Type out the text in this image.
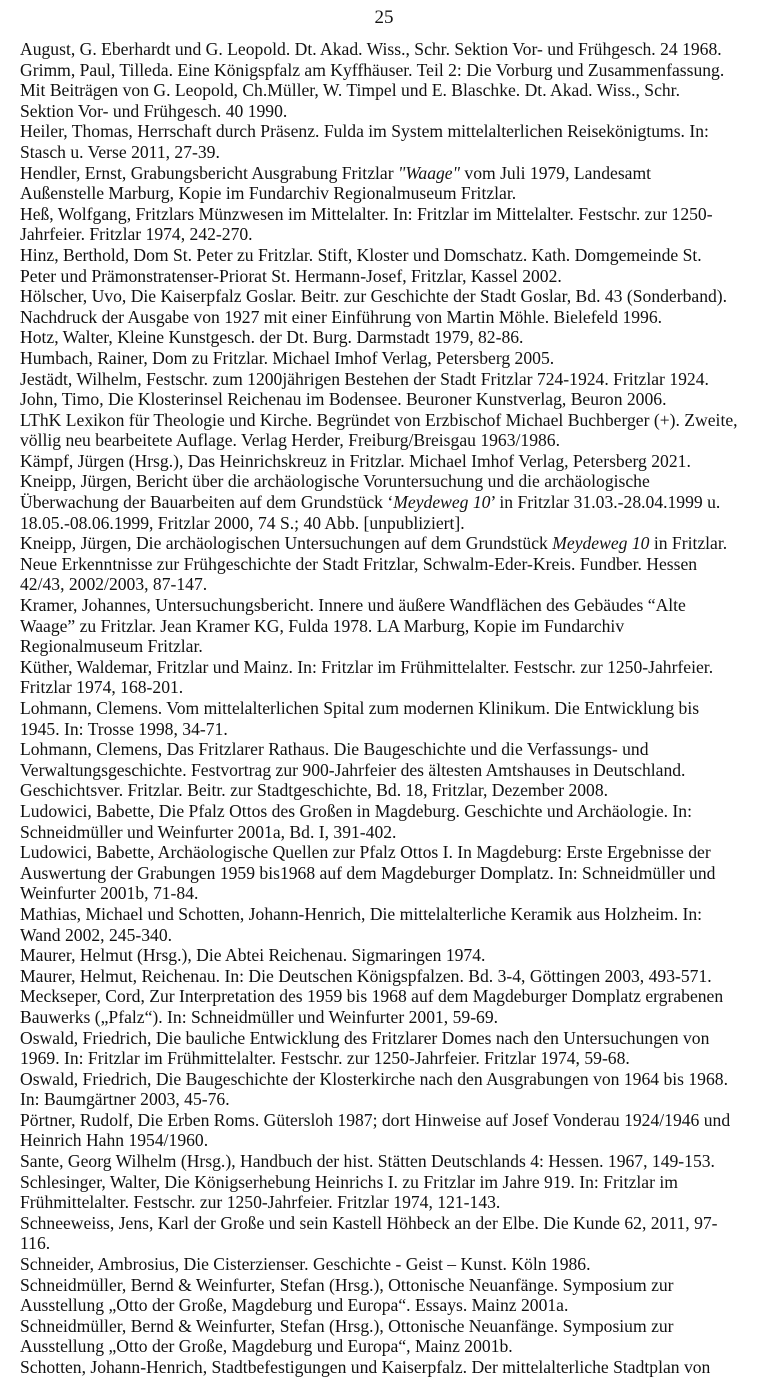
25
August, G. Eberhardt und G. Leopold. Dt. Akad. Wiss., Schr. Sektion Vor- und Frühgesch. 24 1968.
Grimm, Paul, Tilleda. Eine Königspfalz am Kyffhäuser. Teil 2: Die Vorburg und Zusammenfassung. Mit Beiträgen von G. Leopold, Ch.Müller, W. Timpel und E. Blaschke. Dt. Akad. Wiss., Schr. Sektion Vor- und Frühgesch. 40 1990.
Heiler, Thomas, Herrschaft durch Präsenz. Fulda im System mittelalterlichen Reisekönigtums. In: Stasch u. Verse 2011, 27-39.
Hendler, Ernst, Grabungsbericht Ausgrabung Fritzlar "Waage" vom Juli 1979, Landesamt Außenstelle Marburg, Kopie im Fundarchiv Regionalmuseum Fritzlar.
Heß, Wolfgang, Fritzlars Münzwesen im Mittelalter. In: Fritzlar im Mittelalter. Festschr. zur 1250-Jahrfeier. Fritzlar 1974, 242-270.
Hinz, Berthold, Dom St. Peter zu Fritzlar. Stift, Kloster und Domschatz. Kath. Domgemeinde St. Peter und Prämonstratenser-Priorat St. Hermann-Josef, Fritzlar, Kassel 2002.
Hölscher, Uvo, Die Kaiserpfalz Goslar. Beitr. zur Geschichte der Stadt Goslar, Bd. 43 (Sonderband). Nachdruck der Ausgabe von 1927 mit einer Einführung von Martin Möhle. Bielefeld 1996.
Hotz, Walter, Kleine Kunstgesch. der Dt. Burg. Darmstadt 1979, 82-86.
Humbach, Rainer, Dom zu Fritzlar. Michael Imhof Verlag, Petersberg 2005.
Jestädt, Wilhelm, Festschr. zum 1200jährigen Bestehen der Stadt Fritzlar 724-1924. Fritzlar 1924.
John, Timo, Die Klosterinsel Reichenau im Bodensee. Beuroner Kunstverlag, Beuron 2006.
LThK Lexikon für Theologie und Kirche. Begründet von Erzbischof Michael Buchberger (+). Zweite, völlig neu bearbeitete Auflage. Verlag Herder, Freiburg/Breisgau 1963/1986.
Kämpf, Jürgen (Hrsg.), Das Heinrichskreuz in Fritzlar. Michael Imhof Verlag, Petersberg 2021.
Kneipp, Jürgen, Bericht über die archäologische Voruntersuchung und die archäologische Überwachung der Bauarbeiten auf dem Grundstück ‘Meydeweg 10’ in Fritzlar 31.03.-28.04.1999 u. 18.05.-08.06.1999, Fritzlar 2000, 74 S.; 40 Abb. [unpubliziert].
Kneipp, Jürgen, Die archäologischen Untersuchungen auf dem Grundstück Meydeweg 10 in Fritzlar. Neue Erkenntnisse zur Frühgeschichte der Stadt Fritzlar, Schwalm-Eder-Kreis. Fundber. Hessen 42/43, 2002/2003, 87-147.
Kramer, Johannes, Untersuchungsbericht. Innere und äußere Wandflächen des Gebäudes “Alte Waage” zu Fritzlar. Jean Kramer KG, Fulda 1978. LA Marburg, Kopie im Fundarchiv Regionalmuseum Fritzlar.
Küther, Waldemar, Fritzlar und Mainz. In: Fritzlar im Frühmittelalter. Festschr. zur 1250-Jahrfeier. Fritzlar 1974, 168-201.
Lohmann, Clemens. Vom mittelalterlichen Spital zum modernen Klinikum. Die Entwicklung bis 1945. In: Trosse 1998, 34-71.
Lohmann, Clemens, Das Fritzlarer Rathaus. Die Baugeschichte und die Verfassungs- und Verwaltungsgeschichte. Festvortrag zur 900-Jahrfeier des ältesten Amtshauses in Deutschland. Geschichtsver. Fritzlar. Beitr. zur Stadtgeschichte, Bd. 18, Fritzlar, Dezember 2008.
Ludowici, Babette, Die Pfalz Ottos des Großen in Magdeburg. Geschichte und Archäologie. In: Schneidmüller und Weinfurter 2001a, Bd. I, 391-402.
Ludowici, Babette, Archäologische Quellen zur Pfalz Ottos I. In Magdeburg: Erste Ergebnisse der Auswertung der Grabungen 1959 bis1968 auf dem Magdeburger Domplatz. In: Schneidmüller und Weinfurter 2001b, 71-84.
Mathias, Michael und Schotten, Johann-Henrich, Die mittelalterliche Keramik aus Holzheim. In: Wand 2002, 245-340.
Maurer, Helmut (Hrsg.), Die Abtei Reichenau. Sigmaringen 1974.
Maurer, Helmut, Reichenau. In: Die Deutschen Königspfalzen. Bd. 3-4, Göttingen 2003, 493-571.
Meckseper, Cord, Zur Interpretation des 1959 bis 1968 auf dem Magdeburger Domplatz ergrabenen Bauwerks („Pfalz“). In: Schneidmüller und Weinfurter 2001, 59-69.
Oswald, Friedrich, Die bauliche Entwicklung des Fritzlarer Domes nach den Untersuchungen von 1969. In: Fritzlar im Frühmittelalter. Festschr. zur 1250-Jahrfeier. Fritzlar 1974, 59-68.
Oswald, Friedrich, Die Baugeschichte der Klosterkirche nach den Ausgrabungen von 1964 bis 1968. In: Baumgärtner 2003, 45-76.
Pörtner, Rudolf, Die Erben Roms. Gütersloh 1987; dort Hinweise auf Josef Vonderau 1924/1946 und Heinrich Hahn 1954/1960.
Sante, Georg Wilhelm (Hrsg.), Handbuch der hist. Stätten Deutschlands 4: Hessen. 1967, 149-153.
Schlesinger, Walter, Die Königserhebung Heinrichs I. zu Fritzlar im Jahre 919. In: Fritzlar im Frühmittelalter. Festschr. zur 1250-Jahrfeier. Fritzlar 1974, 121-143.
Schneeweiss, Jens, Karl der Große und sein Kastell Höhbeck an der Elbe. Die Kunde 62, 2011, 97-116.
Schneider, Ambrosius, Die Cisterzienser. Geschichte - Geist – Kunst. Köln 1986.
Schneidmüller, Bernd & Weinfurter, Stefan (Hrsg.), Ottonische Neuanfänge. Symposium zur Ausstellung „Otto der Große, Magdeburg und Europa“. Essays. Mainz 2001a.
Schneidmüller, Bernd & Weinfurter, Stefan (Hrsg.), Ottonische Neuanfänge. Symposium zur Ausstellung „Otto der Große, Magdeburg und Europa“, Mainz 2001b.
Schotten, Johann-Henrich, Stadtbefestigungen und Kaiserpfalz. Der mittelalterliche Stadtplan von
